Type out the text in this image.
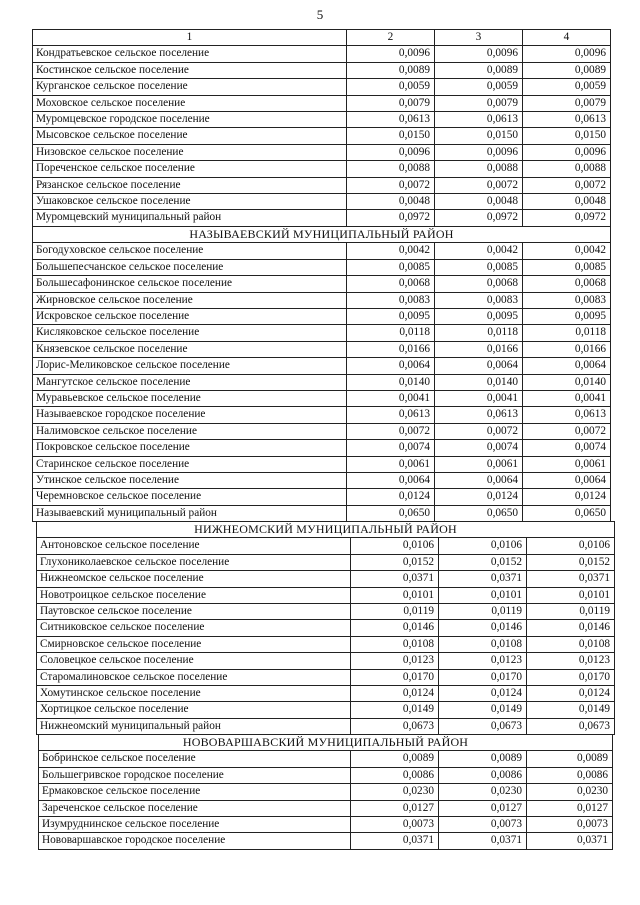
5
1	2	3	4
Кондратьевское сельское поселение	0,0096	0,0096	0,0096
Костинское сельское поселение	0,0089	0,0089	0,0089
Курганское сельское поселение	0,0059	0,0059	0,0059
Моховское сельское поселение	0,0079	0,0079	0,0079
Муромцевское городское поселение	0,0613	0,0613	0,0613
Мысовское сельское поселение	0,0150	0,0150	0,0150
Низовское сельское поселение	0,0096	0,0096	0,0096
Пореченское сельское поселение	0,0088	0,0088	0,0088
Рязанское сельское поселение	0,0072	0,0072	0,0072
Ушаковское сельское поселение	0,0048	0,0048	0,0048
Муромцевский муниципальный район	0,0972	0,0972	0,0972
НАЗЫВАЕВСКИЙ МУНИЦИПАЛЬНЫЙ РАЙОН			
Богодуховское сельское поселение	0,0042	0,0042	0,0042
Большепесчанское сельское поселение	0,0085	0,0085	0,0085
Большесафонинское сельское поселение	0,0068	0,0068	0,0068
Жирновское сельское поселение	0,0083	0,0083	0,0083
Искровское сельское поселение	0,0095	0,0095	0,0095
Кисляковское сельское поселение	0,0118	0,0118	0,0118
Князевское сельское поселение	0,0166	0,0166	0,0166
Лорис-Меликовское сельское поселение	0,0064	0,0064	0,0064
Мангутское сельское поселение	0,0140	0,0140	0,0140
Муравьевское сельское поселение	0,0041	0,0041	0,0041
Называевское городское поселение	0,0613	0,0613	0,0613
Налимовское сельское поселение	0,0072	0,0072	0,0072
Покровское сельское поселение	0,0074	0,0074	0,0074
Старинское сельское поселение	0,0061	0,0061	0,0061
Утинское сельское поселение	0,0064	0,0064	0,0064
Черемновское сельское поселение	0,0124	0,0124	0,0124
Называевский муниципальный район	0,0650	0,0650	0,0650
НИЖНЕОМСКИЙ МУНИЦИПАЛЬНЫЙ РАЙОН			
Антоновское сельское поселение	0,0106	0,0106	0,0106
Глухониколаевское сельское поселение	0,0152	0,0152	0,0152
Нижнеомское сельское поселение	0,0371	0,0371	0,0371
Новотроицкое сельское поселение	0,0101	0,0101	0,0101
Паутовское сельское поселение	0,0119	0,0119	0,0119
Ситниковское сельское поселение	0,0146	0,0146	0,0146
Смирновское сельское поселение	0,0108	0,0108	0,0108
Соловецкое сельское поселение	0,0123	0,0123	0,0123
Старомалиновское сельское поселение	0,0170	0,0170	0,0170
Хомутинское сельское поселение	0,0124	0,0124	0,0124
Хортицкое сельское поселение	0,0149	0,0149	0,0149
Нижнеомский муниципальный район	0,0673	0,0673	0,0673
НОВОВАРШАВСКИЙ МУНИЦИПАЛЬНЫЙ РАЙОН			
Бобринское сельское поселение	0,0089	0,0089	0,0089
Большегривское городское поселение	0,0086	0,0086	0,0086
Ермаковское сельское поселение	0,0230	0,0230	0,0230
Зареченское сельское поселение	0,0127	0,0127	0,0127
Изумруднинское сельское поселение	0,0073	0,0073	0,0073
Нововаршавское городское поселение	0,0371	0,0371	0,0371
